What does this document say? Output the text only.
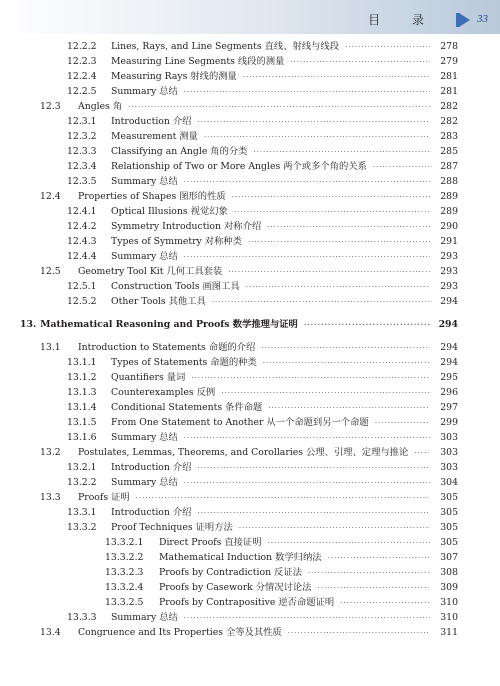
目 录	33
12.2.2	Lines, Rays, and Line Segments 直线、射线与线段 ·····	278
12.2.3	Measuring Line Segments 线段的测量 ·····	279
12.2.4	Measuring Rays 射线的测量 ·····	281
12.2.5	Summary 总结 ·····	281
12.3	Angles 角 ·····	282
12.3.1	Introduction 介绍 ·····	282
12.3.2	Measurement 测量 ·····	283
12.3.3	Classifying an Angle 角的分类 ·····	285
12.3.4	Relationship of Two or More Angles 两个或多个角的关系 ·····	287
12.3.5	Summary 总结 ·····	288
12.4	Properties of Shapes 图形的性质 ·····	289
12.4.1	Optical Illusions 视觉幻象 ·····	289
12.4.2	Symmetry Introduction 对称介绍 ·····	290
12.4.3	Types of Symmetry 对称种类 ·····	291
12.4.4	Summary 总结 ·····	293
12.5	Geometry Tool Kit 几何工具套装 ·····	293
12.5.1	Construction Tools 画图工具 ·····	293
12.5.2	Other Tools 其他工具 ·····	294
13. Mathematical Reasoning and Proofs 数学推理与证明 ·····	294
13.1	Introduction to Statements 命题的介绍 ·····	294
13.1.1	Types of Statements 命题的种类 ·····	294
13.1.2	Quantifiers 量词 ·····	295
13.1.3	Counterexamples 反例 ·····	296
13.1.4	Conditional Statements 条件命题 ·····	297
13.1.5	From One Statement to Another 从一个命题到另一个命题 ·····	299
13.1.6	Summary 总结 ·····	303
13.2	Postulates, Lemmas, Theorems, and Corollaries 公理、引理、定理与推论 ·····	303
13.2.1	Introduction 介绍 ·····	303
13.2.2	Summary 总结 ·····	304
13.3	Proofs 证明 ·····	305
13.3.1	Introduction 介绍 ·····	305
13.3.2	Proof Techniques 证明方法 ·····	305
13.3.2.1	Direct Proofs 直接证明 ·····	305
13.3.2.2	Mathematical Induction 数学归纳法 ·····	307
13.3.2.3	Proofs by Contradiction 反证法 ·····	308
13.3.2.4	Proofs by Casework 分情况讨论法 ·····	309
13.3.2.5	Proofs by Contrapositive 逆否命题证明 ·····	310
13.3.3	Summary 总结 ·····	310
13.4	Congruence and Its Properties 全等及其性质 ·····	311
